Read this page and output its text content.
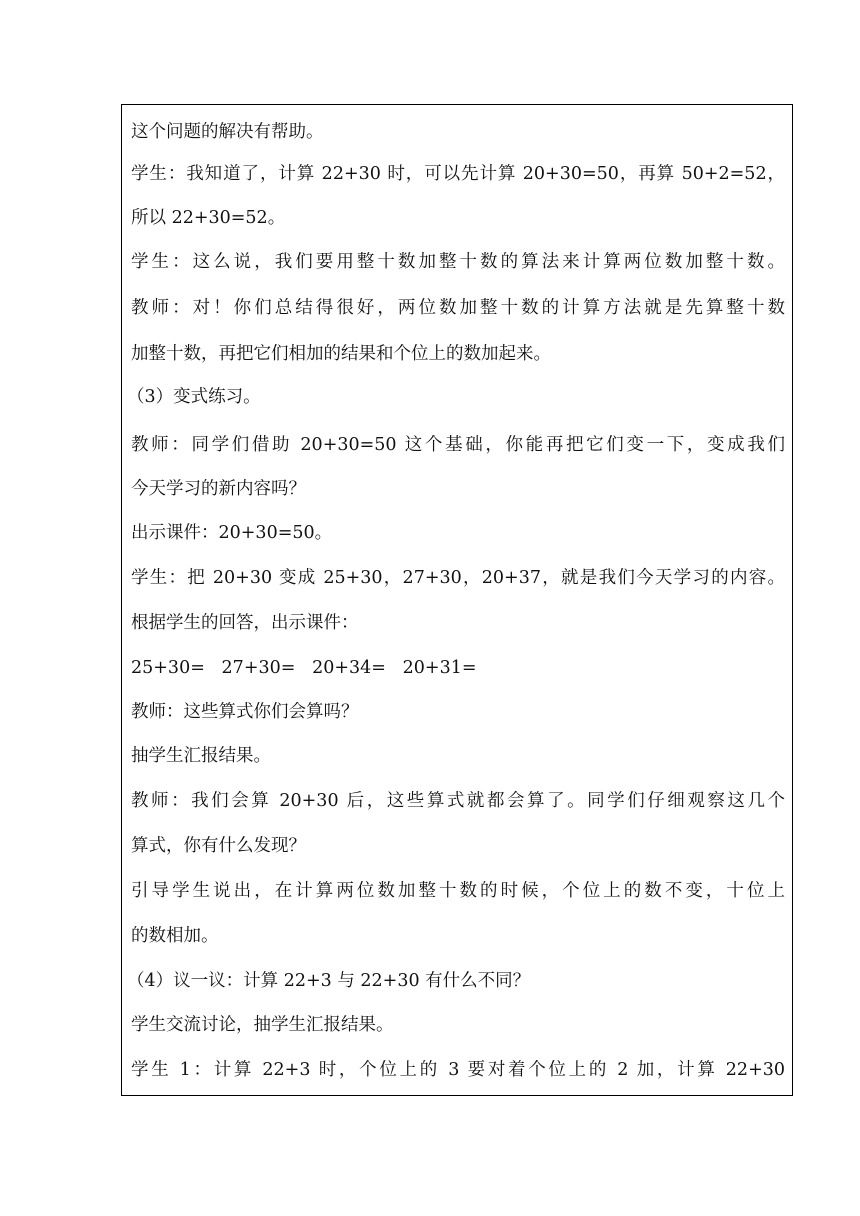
这个问题的解决有帮助。
学生：我知道了，计算 22+30 时，可以先计算 20+30=50，再算 50+2=52，
所以 22+30=52。
学生：这么说，我们要用整十数加整十数的算法来计算两位数加整十数。
教师：对！你们总结得很好，两位数加整十数的计算方法就是先算整十数
加整十数，再把它们相加的结果和个位上的数加起来。
（3）变式练习。
教师：同学们借助 20+30=50 这个基础，你能再把它们变一下，变成我们
今天学习的新内容吗？
出示课件：20+30=50。
学生：把 20+30 变成 25+30，27+30，20+37，就是我们今天学习的内容。
根据学生的回答，出示课件：
25+30=   27+30=   20+34=   20+31=
教师：这些算式你们会算吗？
抽学生汇报结果。
教师：我们会算 20+30 后，这些算式就都会算了。同学们仔细观察这几个
算式，你有什么发现？
引导学生说出，在计算两位数加整十数的时候，个位上的数不变，十位上
的数相加。
（4）议一议：计算 22+3 与 22+30 有什么不同？
学生交流讨论，抽学生汇报结果。
学生 1：计算 22+3 时，个位上的 3 要对着个位上的 2 加，计算 22+30
